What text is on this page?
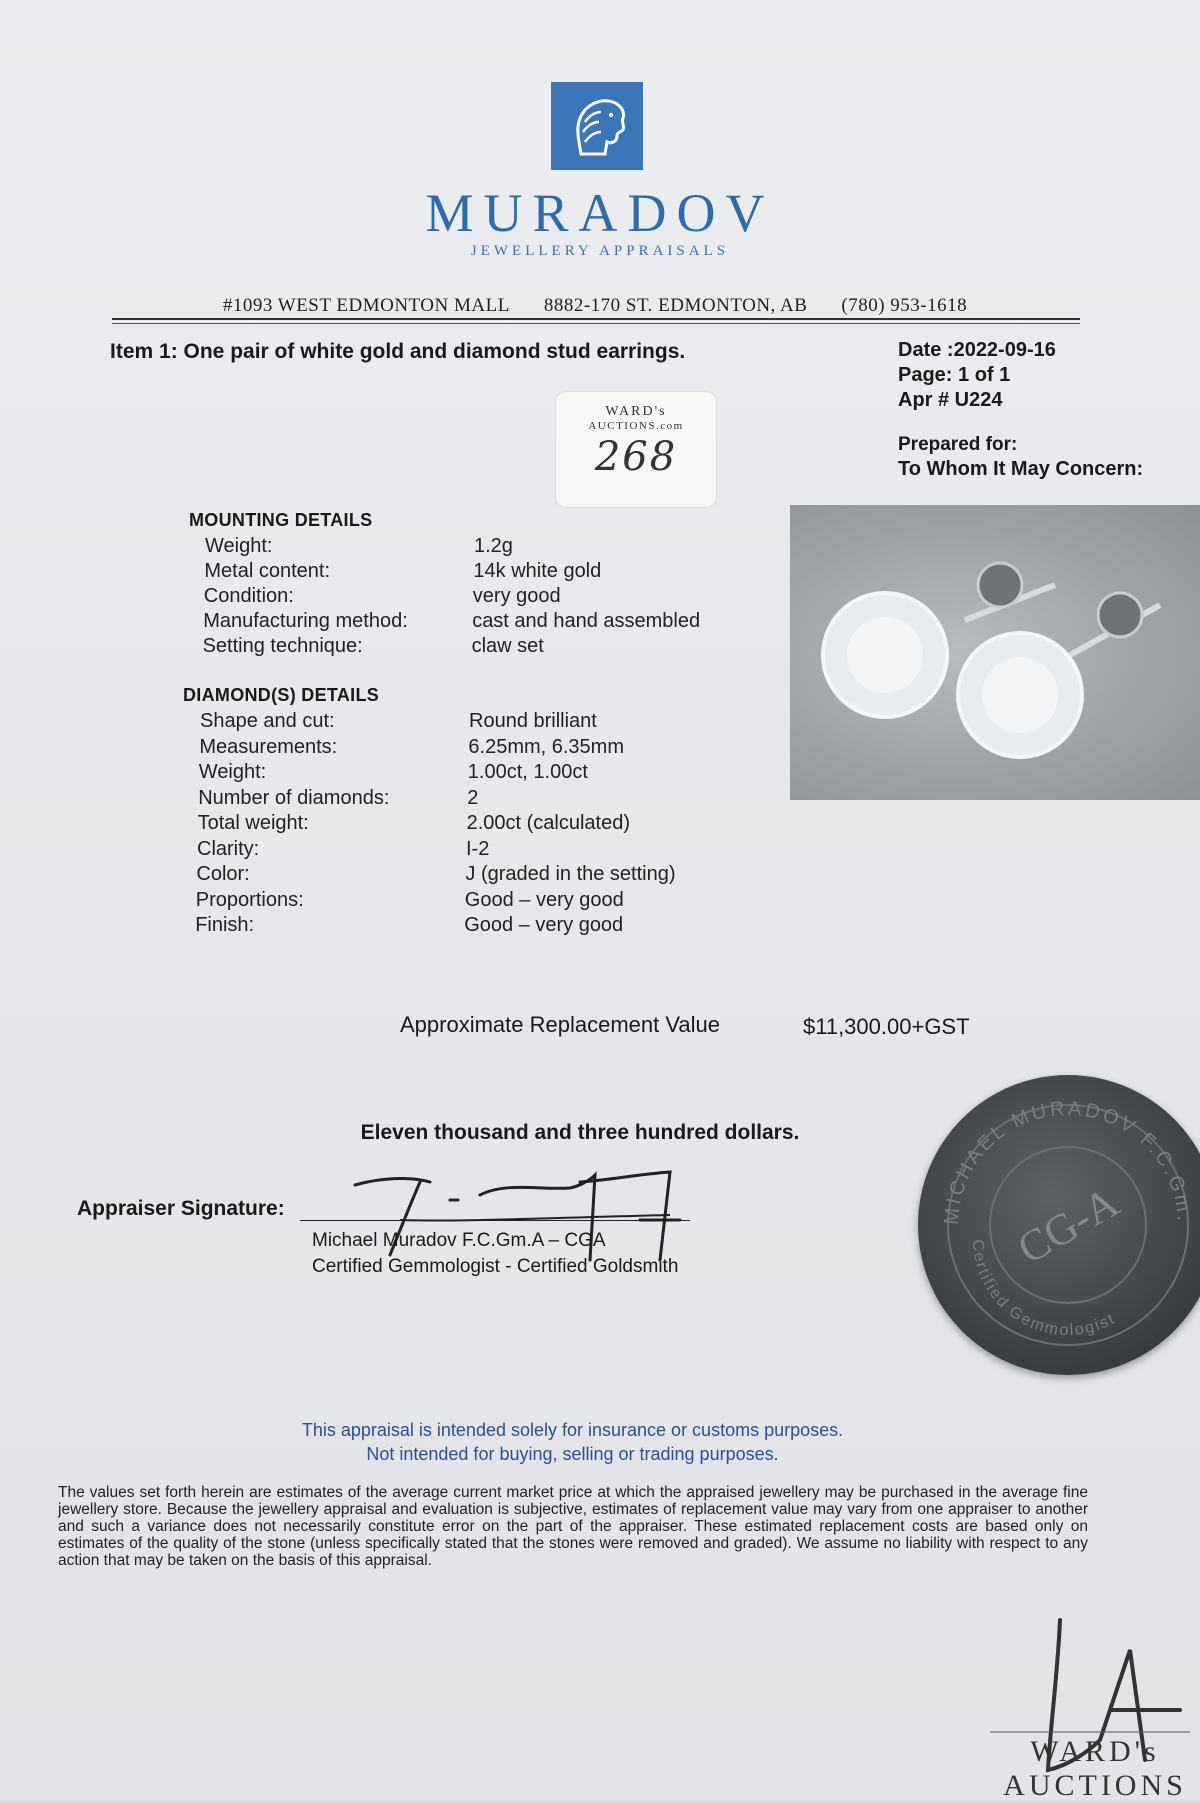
MURADOV
JEWELLERY APPRAISALS
#1093 WEST EDMONTON MALL 8882-170 ST. EDMONTON, AB (780) 953-1618
Item 1: One pair of white gold and diamond stud earrings.	Date :2022-09-16
Page: 1 of 1
Apr # U224
Prepared for:
To Whom It May Concern:
WARD's
AUCTIONS.com
268
MOUNTING DETAILS
Weight:	1.2g
Metal content:	14k white gold
Condition:	very good
Manufacturing method:	cast and hand assembled
Setting technique:	claw set
DIAMOND(S) DETAILS
Shape and cut:	Round brilliant
Measurements:	6.25mm, 6.35mm
Weight:	1.00ct, 1.00ct
Number of diamonds:	2
Total weight:	2.00ct (calculated)
Clarity:	I-2
Color:	J (graded in the setting)
Proportions:	Good – very good
Finish:	Good – very good
Approximate Replacement Value	$11,300.00+GST
Eleven thousand and three hundred dollars.
Appraiser Signature:
Michael Muradov F.C.Gm.A – CGA
Certified Gemmologist - Certified Goldsmith
MICHAEL MURADOV F.C.Gm.
Certified Gemmologist
CG-A
This appraisal is intended solely for insurance or customs purposes.
Not intended for buying, selling or trading purposes.
The values set forth herein are estimates of the average current market price at which the appraised jewellery may be purchased in the average fine jewellery store. Because the jewellery appraisal and evaluation is subjective, estimates of replacement value may vary from one appraiser to another and such a variance does not necessarily constitute error on the part of the appraiser. These estimated replacement costs are based only on estimates of the quality of the stone (unless specifically stated that the stones were removed and graded). We assume no liability with respect to any action that may be taken on the basis of this appraisal.
WARD's
AUCTIONS
